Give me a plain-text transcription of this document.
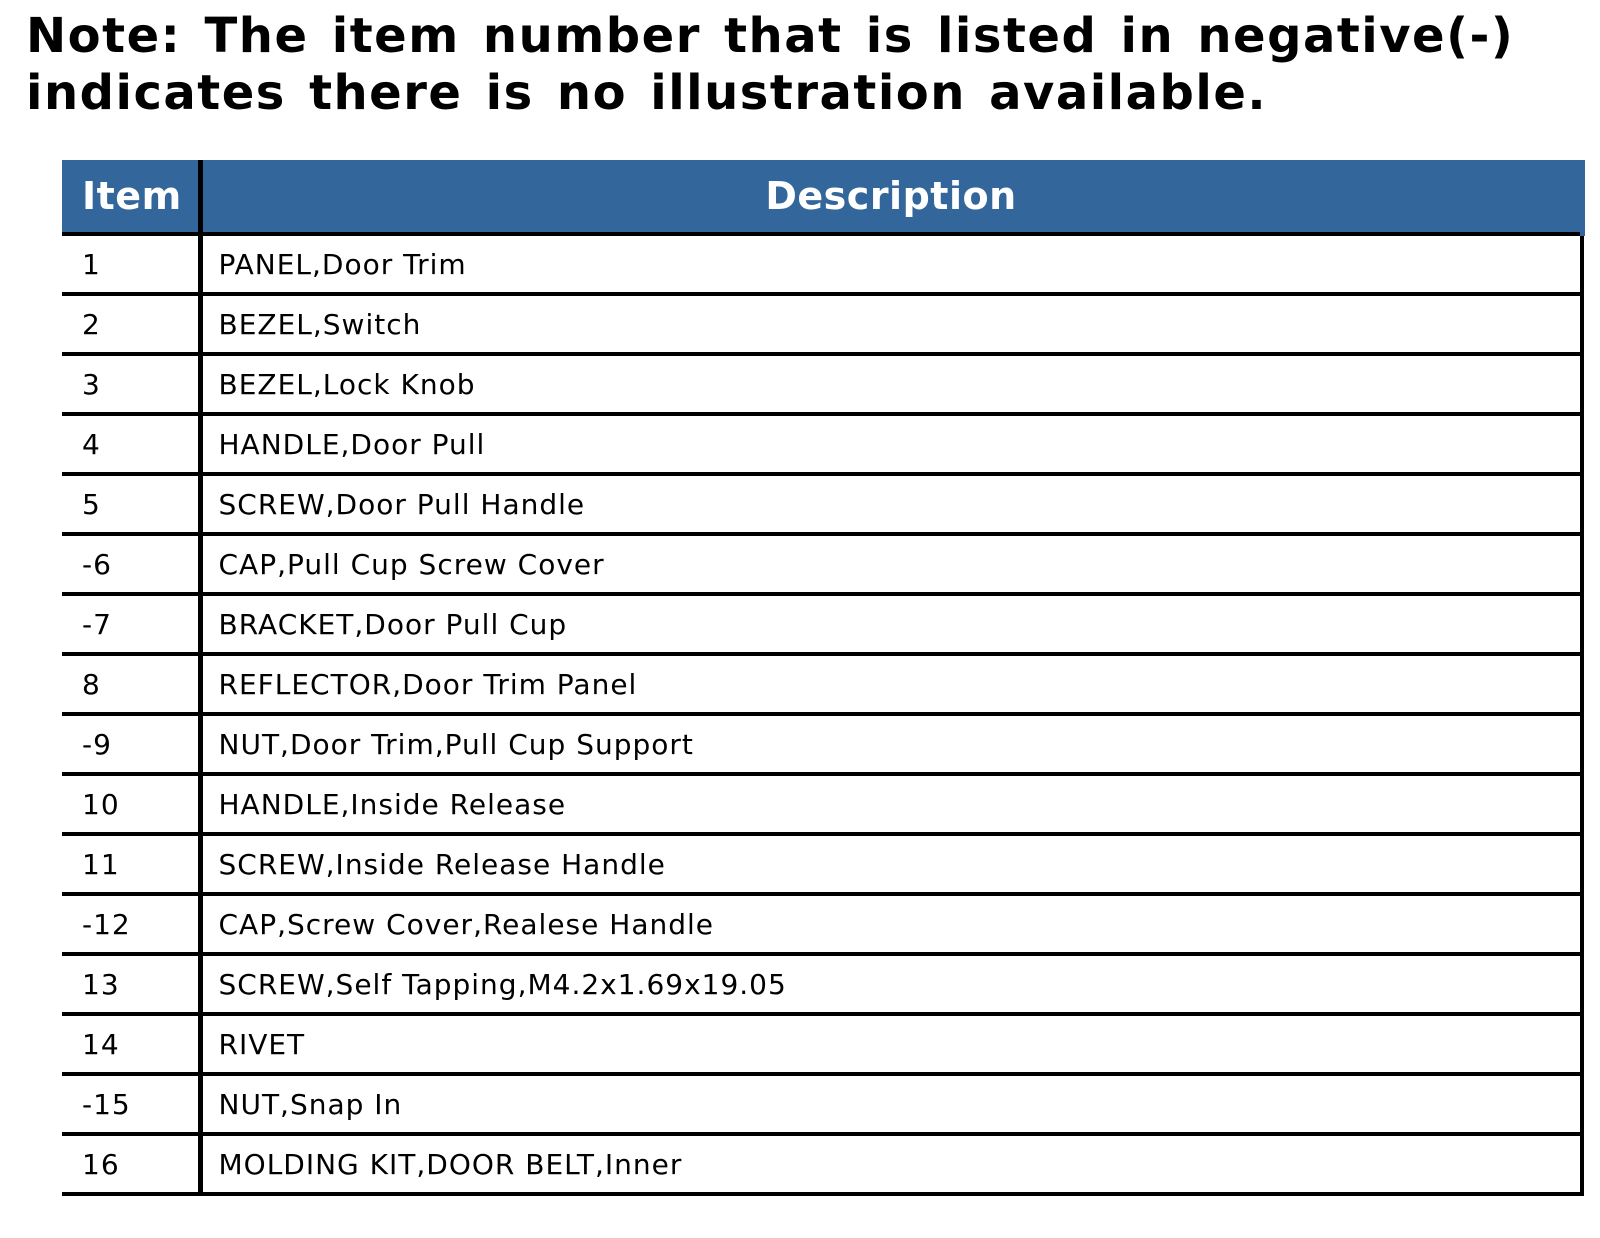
Note: The item number that is listed in negative(-)
indicates there is no illustration available.
Item	Description
1	PANEL,Door Trim
2	BEZEL,Switch
3	BEZEL,Lock Knob
4	HANDLE,Door Pull
5	SCREW,Door Pull Handle
-6	CAP,Pull Cup Screw Cover
-7	BRACKET,Door Pull Cup
8	REFLECTOR,Door Trim Panel
-9	NUT,Door Trim,Pull Cup Support
10	HANDLE,Inside Release
11	SCREW,Inside Release Handle
-12	CAP,Screw Cover,Realese Handle
13	SCREW,Self Tapping,M4.2x1.69x19.05
14	RIVET
-15	NUT,Snap In
16	MOLDING KIT,DOOR BELT,Inner
